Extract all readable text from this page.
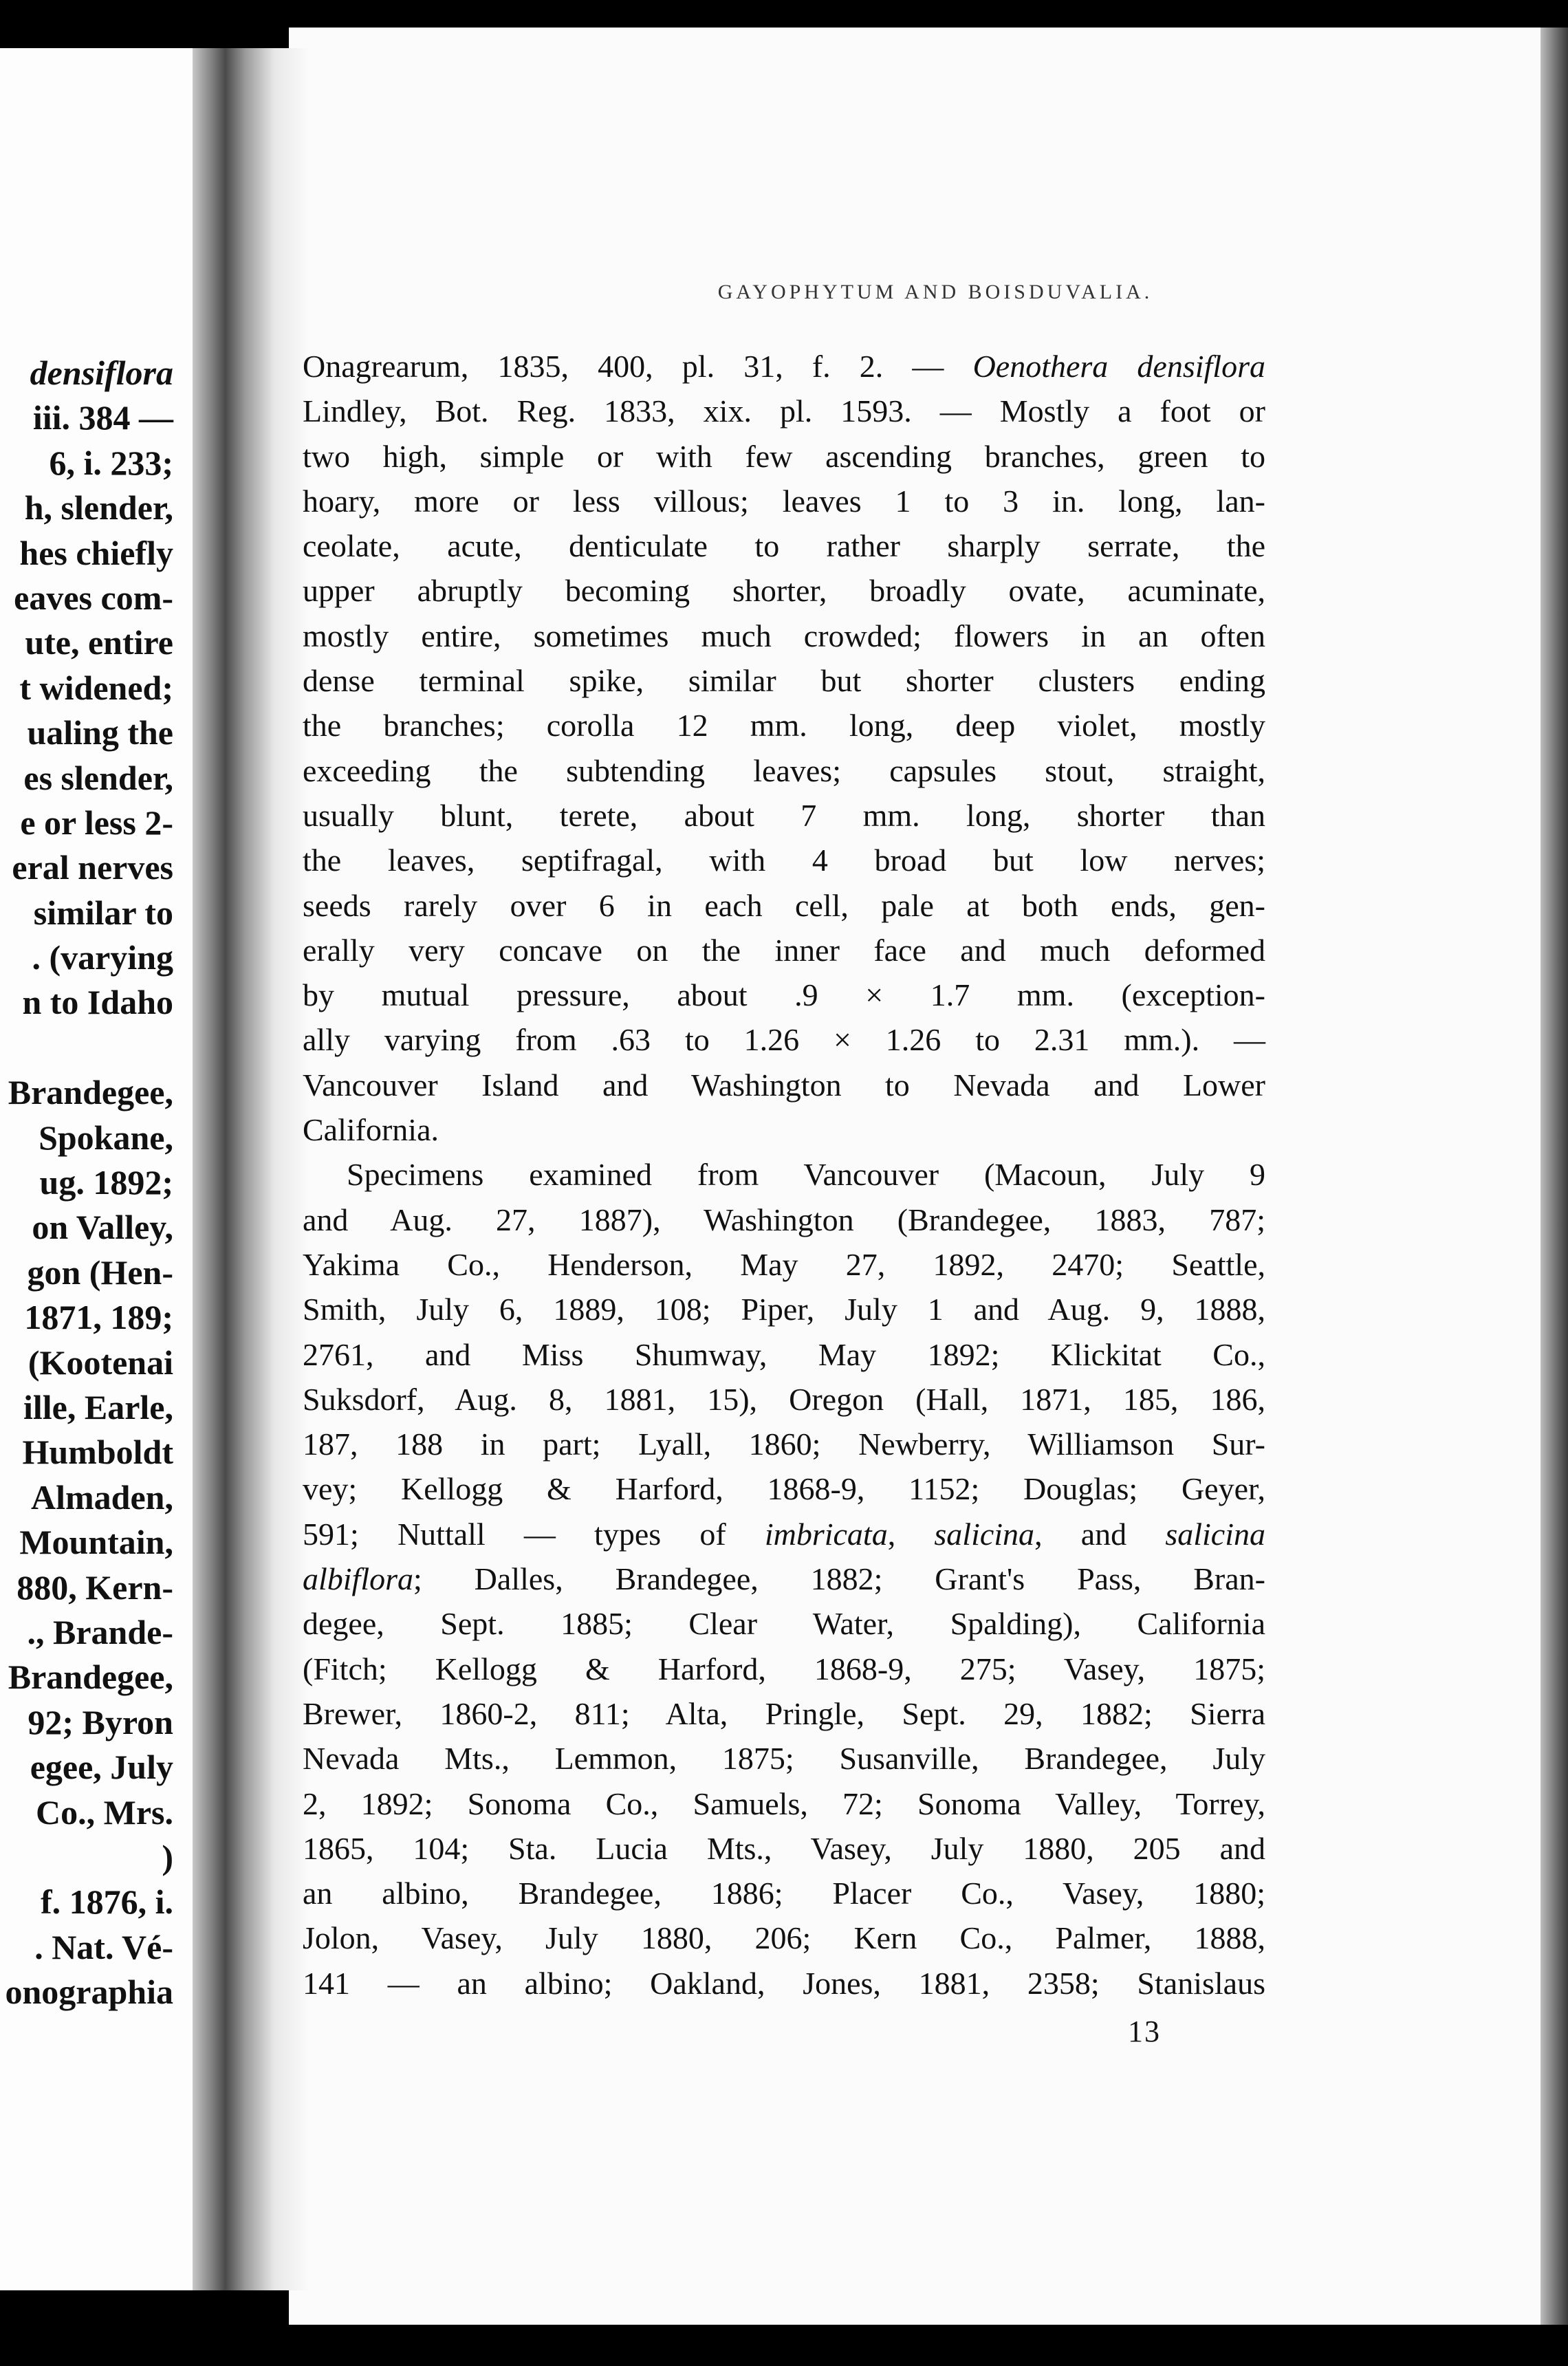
densiflora
iii. 384 —
6, i. 233;
h, slender,
hes chiefly
eaves com-
ute, entire
t widened;
ualing the
es slender,
e or less 2-
eral nerves
similar to
. (varying
n to Idaho
Brandegee,
Spokane,
ug. 1892;
on Valley,
gon (Hen-
1871, 189;
(Kootenai
ille, Earle,
Humboldt
Almaden,
Mountain,
880, Kern-
., Brande-
Brandegee,
92; Byron
egee, July
Co., Mrs.
)
f. 1876, i.
. Nat. Vé-
onographia
GAYOPHYTUM AND BOISDUVALIA.
Onagrearum, 1835, 400, pl. 31, f. 2. — Oenothera densiflora
Lindley, Bot. Reg. 1833, xix. pl. 1593. — Mostly a foot or
two high, simple or with few ascending branches, green to
hoary, more or less villous; leaves 1 to 3 in. long, lan-
ceolate, acute, denticulate to rather sharply serrate, the
upper abruptly becoming shorter, broadly ovate, acuminate,
mostly entire, sometimes much crowded; flowers in an often
dense terminal spike, similar but shorter clusters ending
the branches; corolla 12 mm. long, deep violet, mostly
exceeding the subtending leaves; capsules stout, straight,
usually blunt, terete, about 7 mm. long, shorter than
the leaves, septifragal, with 4 broad but low nerves;
seeds rarely over 6 in each cell, pale at both ends, gen-
erally very concave on the inner face and much deformed
by mutual pressure, about .9 × 1.7 mm. (exception-
ally varying from .63 to 1.26 × 1.26 to 2.31 mm.). —
Vancouver Island and Washington to Nevada and Lower
California.
Specimens examined from Vancouver (Macoun, July 9
and Aug. 27, 1887), Washington (Brandegee, 1883, 787;
Yakima Co., Henderson, May 27, 1892, 2470; Seattle,
Smith, July 6, 1889, 108; Piper, July 1 and Aug. 9, 1888,
2761, and Miss Shumway, May 1892; Klickitat Co.,
Suksdorf, Aug. 8, 1881, 15), Oregon (Hall, 1871, 185, 186,
187, 188 in part; Lyall, 1860; Newberry, Williamson Sur-
vey; Kellogg & Harford, 1868-9, 1152; Douglas; Geyer,
591; Nuttall — types of imbricata, salicina, and salicina
albiflora; Dalles, Brandegee, 1882; Grant's Pass, Bran-
degee, Sept. 1885; Clear Water, Spalding), California
(Fitch; Kellogg & Harford, 1868-9, 275; Vasey, 1875;
Brewer, 1860-2, 811; Alta, Pringle, Sept. 29, 1882; Sierra
Nevada Mts., Lemmon, 1875; Susanville, Brandegee, July
2, 1892; Sonoma Co., Samuels, 72; Sonoma Valley, Torrey,
1865, 104; Sta. Lucia Mts., Vasey, July 1880, 205 and
an albino, Brandegee, 1886; Placer Co., Vasey, 1880;
Jolon, Vasey, July 1880, 206; Kern Co., Palmer, 1888,
141 — an albino; Oakland, Jones, 1881, 2358; Stanislaus
13
